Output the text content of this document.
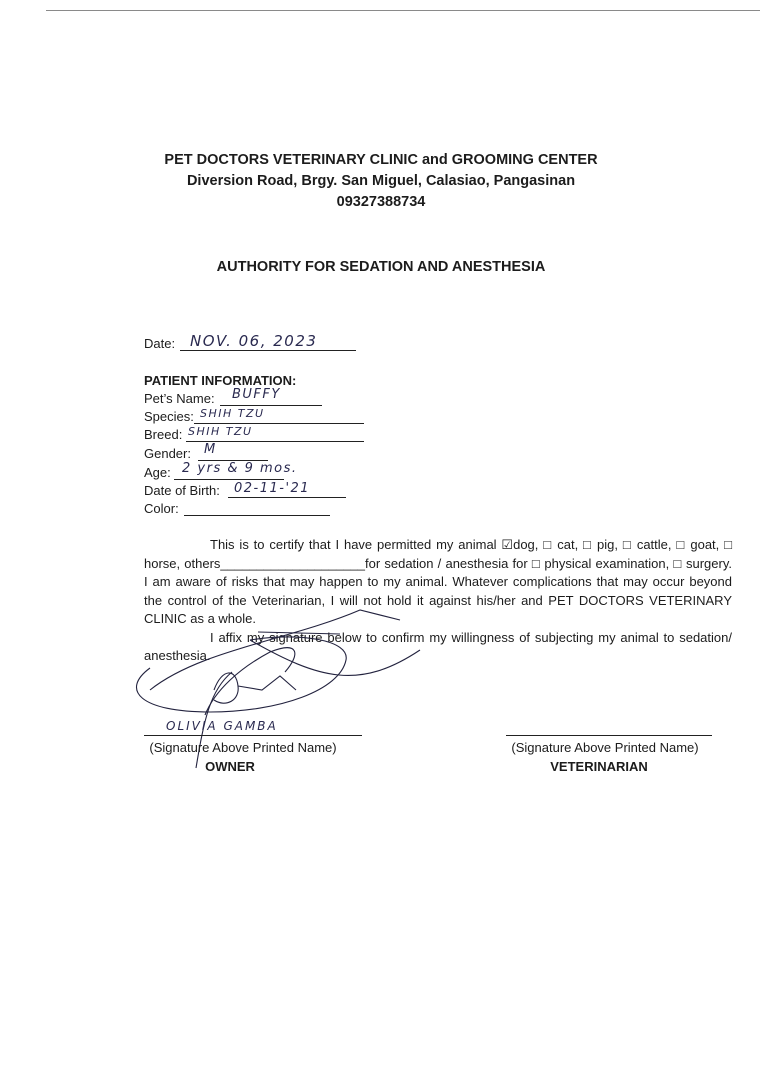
PET DOCTORS VETERINARY CLINIC and GROOMING CENTER
Diversion Road, Brgy. San Miguel, Calasiao, Pangasinan
09327388734
AUTHORITY FOR SEDATION AND ANESTHESIA
Date: NOV. 06, 2023
PATIENT INFORMATION:
Pet’s Name: BUFFY
Species: SHIH TZU
Breed: SHIH TZU
Gender: M
Age: 2 yrs & 9 mos.
Date of Birth: 02-11-'21
Color:

This is to certify that I have permitted my animal ☑dog, □ cat, □ pig, □ cattle, □ goat, □ horse, others____________________for sedation / anesthesia for □ physical examination, □ surgery. I am aware of risks that may happen to my animal. Whatever complications that may occur beyond the control of the Veterinarian, I will not hold it against his/her and PET DOCTORS VETERINARY CLINIC as a whole.

I affix my signature below to confirm my willingness of subjecting my animal to sedation/ anesthesia.

OLIVIA GAMBA
(Signature Above Printed Name)
OWNER
(Signature Above Printed Name)
VETERINARIAN
